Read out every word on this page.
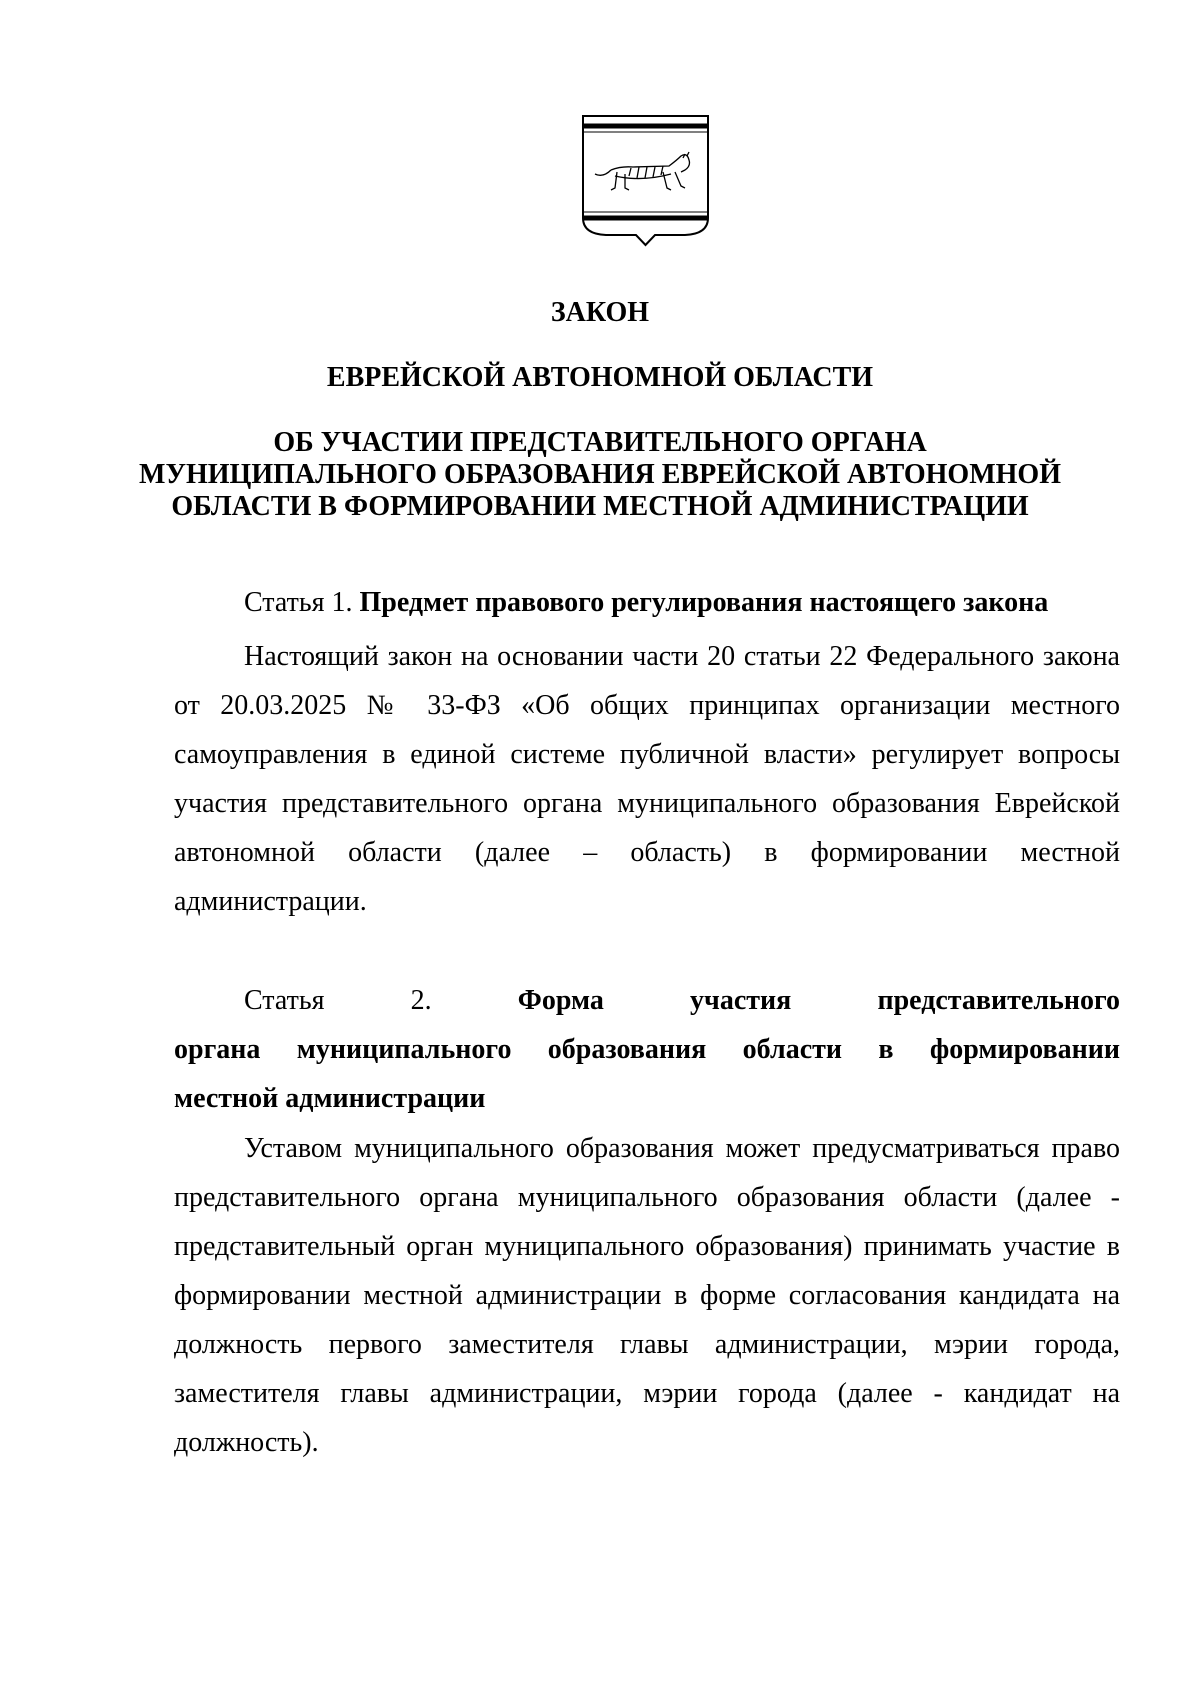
ЗАКОН
ЕВРЕЙСКОЙ АВТОНОМНОЙ ОБЛАСТИ
ОБ УЧАСТИИ ПРЕДСТАВИТЕЛЬНОГО ОРГАНА
МУНИЦИПАЛЬНОГО ОБРАЗОВАНИЯ ЕВРЕЙСКОЙ АВТОНОМНОЙ
ОБЛАСТИ В ФОРМИРОВАНИИ МЕСТНОЙ АДМИНИСТРАЦИИ

Статья 1. Предмет правового регулирования настоящего закона

Настоящий закон на основании части 20 статьи 22 Федерального закона от 20.03.2025 № 33-ФЗ «Об общих принципах организации местного самоуправления в единой системе публичной власти» регулирует вопросы участия представительного органа муниципального образования Еврейской автономной области (далее – область) в формировании местной администрации.

Статья 2.	Форма участия представительного
органа муниципального образования области в формировании
местной администрации

Уставом муниципального образования может предусматриваться право представительного органа муниципального образования области (далее - представительный орган муниципального образования) принимать участие в формировании местной администрации в форме согласования кандидата на должность первого заместителя главы администрации, мэрии города, заместителя главы администрации, мэрии города (далее - кандидат на должность).
